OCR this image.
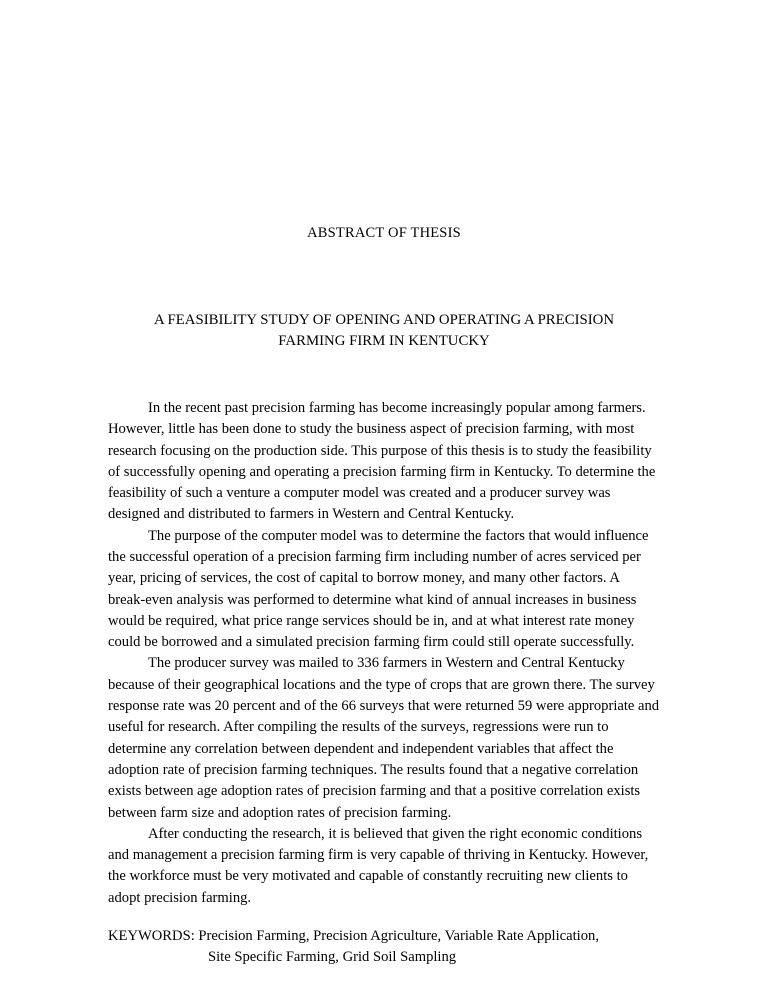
ABSTRACT OF THESIS
A FEASIBILITY STUDY OF OPENING AND OPERATING A PRECISION
FARMING FIRM IN KENTUCKY

In the recent past precision farming has become increasingly popular among farmers. However, little has been done to study the business aspect of precision farming, with most research focusing on the production side. This purpose of this thesis is to study the feasibility of successfully opening and operating a precision farming firm in Kentucky. To determine the feasibility of such a venture a computer model was created and a producer survey was designed and distributed to farmers in Western and Central Kentucky.

The purpose of the computer model was to determine the factors that would influence the successful operation of a precision farming firm including number of acres serviced per year, pricing of services, the cost of capital to borrow money, and many other factors. A break-even analysis was performed to determine what kind of annual increases in business would be required, what price range services should be in, and at what interest rate money could be borrowed and a simulated precision farming firm could still operate successfully.

The producer survey was mailed to 336 farmers in Western and Central Kentucky because of their geographical locations and the type of crops that are grown there. The survey response rate was 20 percent and of the 66 surveys that were returned 59 were appropriate and useful for research. After compiling the results of the surveys, regressions were run to determine any correlation between dependent and independent variables that affect the adoption rate of precision farming techniques. The results found that a negative correlation exists between age adoption rates of precision farming and that a positive correlation exists between farm size and adoption rates of precision farming.

After conducting the research, it is believed that given the right economic conditions and management a precision farming firm is very capable of thriving in Kentucky. However, the workforce must be very motivated and capable of constantly recruiting new clients to adopt precision farming.

KEYWORDS: Precision Farming, Precision Agriculture, Variable Rate Application,
Site Specific Farming, Grid Soil Sampling
